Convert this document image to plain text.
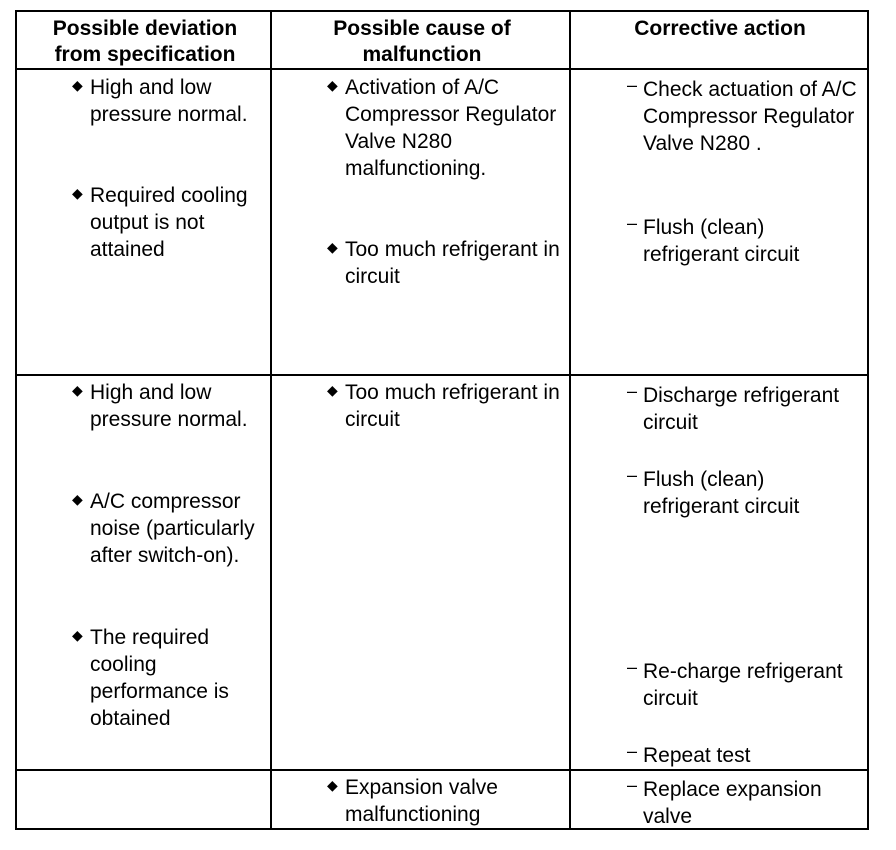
Possible deviation from specification
Possible cause of malfunction
Corrective action
◆ High and low pressure normal.
◆ Required cooling output is not attained
◆ Activation of A/C Compressor Regulator Valve N280 malfunctioning.
◆ Too much refrigerant in circuit
– Check actuation of A/C Compressor Regulator Valve N280 .
– Flush (clean) refrigerant circuit
◆ High and low pressure normal.
◆ A/C compressor noise (particularly after switch-on).
◆ The required cooling performance is obtained
◆ Too much refrigerant in circuit
– Discharge refrigerant circuit
– Flush (clean) refrigerant circuit
– Re-charge refrigerant circuit
– Repeat test
◆ Expansion valve malfunctioning
– Replace expansion valve
